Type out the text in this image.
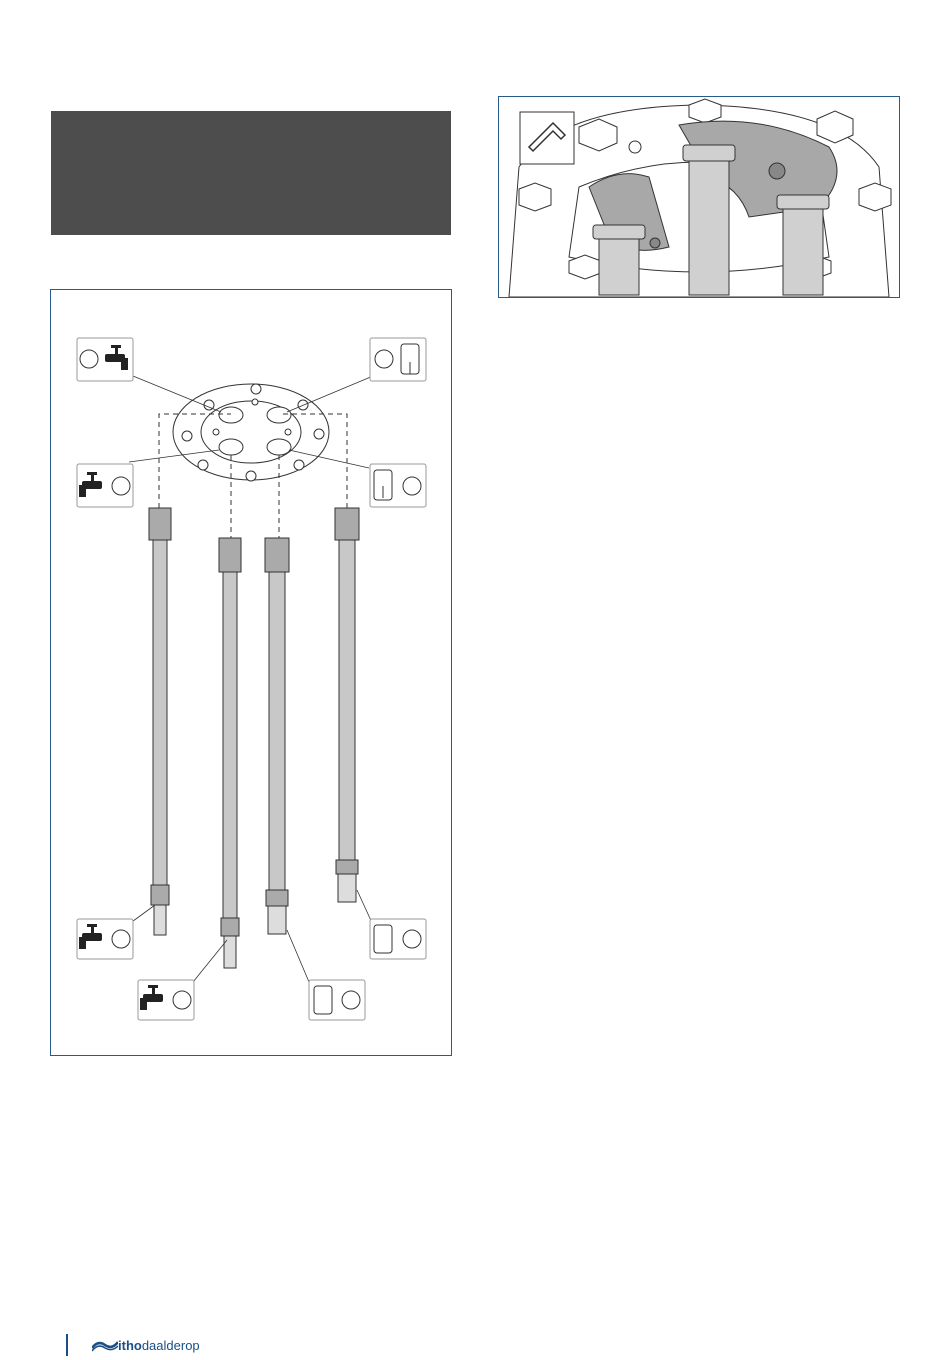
itho daalderop
